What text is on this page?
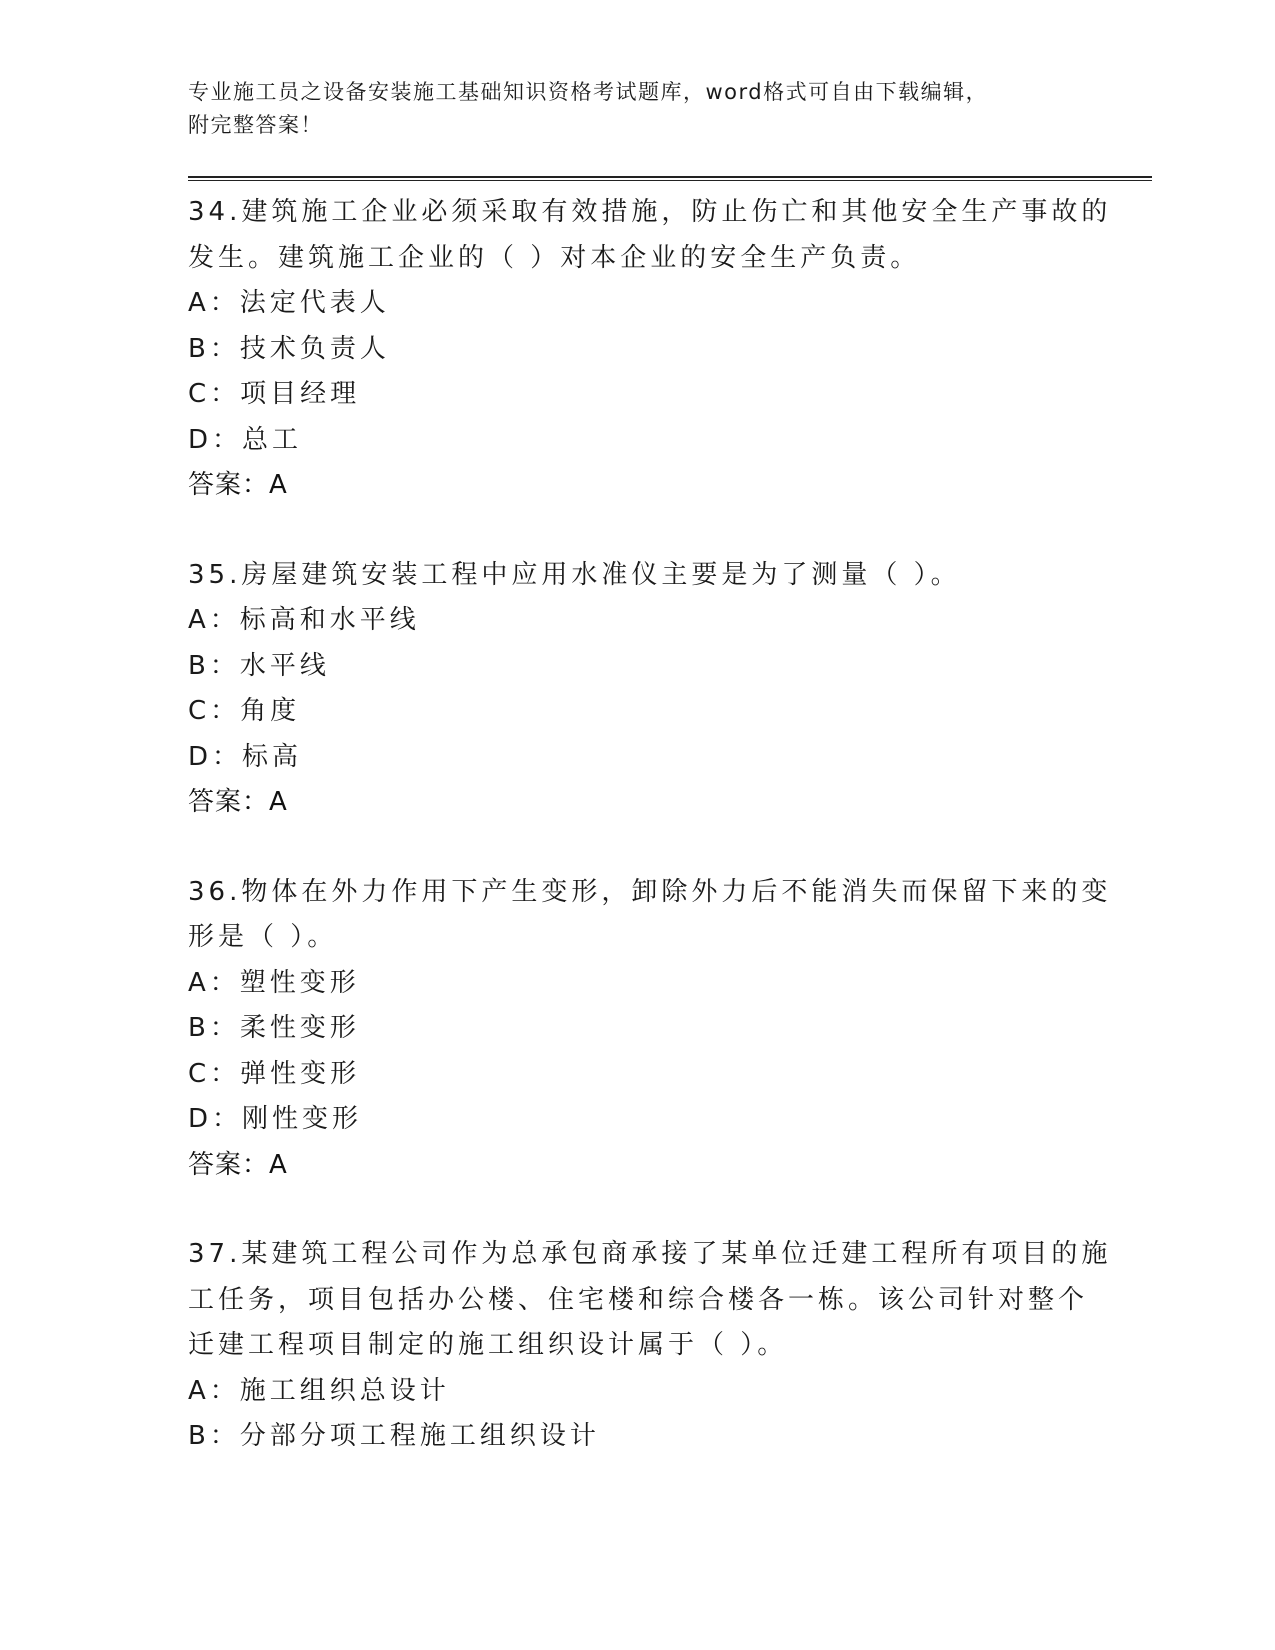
专业施工员之设备安装施工基础知识资格考试题库，word格式可自由下载编辑，
附完整答案！
34.建筑施工企业必须采取有效措施，防止伤亡和其他安全生产事故的
发生。建筑施工企业的（ ）对本企业的安全生产负责。
A：法定代表人
B：技术负责人
C：项目经理
D：总工
答案：A
35.房屋建筑安装工程中应用水准仪主要是为了测量（ ）。
A：标高和水平线
B：水平线
C：角度
D：标高
答案：A
36.物体在外力作用下产生变形，卸除外力后不能消失而保留下来的变
形是（ ）。
A：塑性变形
B：柔性变形
C：弹性变形
D：刚性变形
答案：A
37.某建筑工程公司作为总承包商承接了某单位迁建工程所有项目的施
工任务，项目包括办公楼、住宅楼和综合楼各一栋。该公司针对整个
迁建工程项目制定的施工组织设计属于（ ）。
A：施工组织总设计
B：分部分项工程施工组织设计
